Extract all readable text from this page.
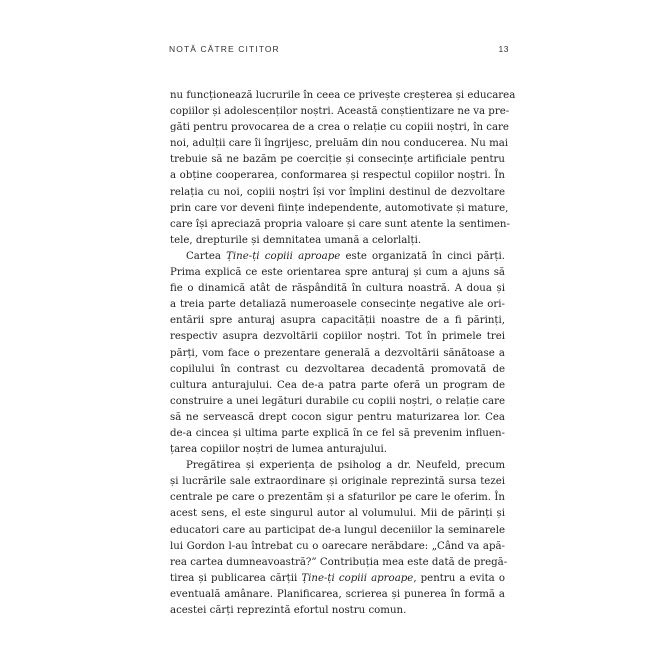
NOTĂ CĂTRE CITITOR	13

nu funcționează lucrurile în ceea ce privește creșterea și educarea
copiilor și adolescenților noștri. Această conștientizare ne va pre-
găti pentru provocarea de a crea o relație cu copiii noștri, în care
noi, adulții care îi îngrijesc, preluăm din nou conducerea. Nu mai
trebuie să ne bazăm pe coerciție și consecințe artificiale pentru
a obține cooperarea, conformarea și respectul copiilor noștri. În
relația cu noi, copiii noștri își vor împlini destinul de dezvoltare
prin care vor deveni ființe independente, automotivate și mature,
care își apreciază propria valoare și care sunt atente la sentimen-
tele, drepturile și demnitatea umană a celorlalți.

Cartea Ține-ți copiii aproape este organizată în cinci părți.
Prima explică ce este orientarea spre anturaj și cum a ajuns să
fie o dinamică atât de răspândită în cultura noastră. A doua și
a treia parte detaliază numeroasele consecințe negative ale ori-
entării spre anturaj asupra capacității noastre de a fi părinți,
respectiv asupra dezvoltării copiilor noștri. Tot în primele trei
părți, vom face o prezentare generală a dezvoltării sănătoase a
copilului în contrast cu dezvoltarea decadentă promovată de
cultura anturajului. Cea de-a patra parte oferă un program de
construire a unei legături durabile cu copiii noștri, o relație care
să ne servească drept cocon sigur pentru maturizarea lor. Cea
de-a cincea și ultima parte explică în ce fel să prevenim influen-
țarea copiilor noștri de lumea anturajului.

Pregătirea și experiența de psiholog a dr. Neufeld, precum
și lucrările sale extraordinare și originale reprezintă sursa tezei
centrale pe care o prezentăm și a sfaturilor pe care le oferim. În
acest sens, el este singurul autor al volumului. Mii de părinți și
educatori care au participat de-a lungul deceniilor la seminarele
lui Gordon l-au întrebat cu o oarecare nerăbdare: „Când va apă-
rea cartea dumneavoastră?” Contribuția mea este dată de pregă-
tirea și publicarea cărții Ține-ți copiii aproape, pentru a evita o
eventuală amânare. Planificarea, scrierea și punerea în formă a
acestei cărți reprezintă efortul nostru comun.
